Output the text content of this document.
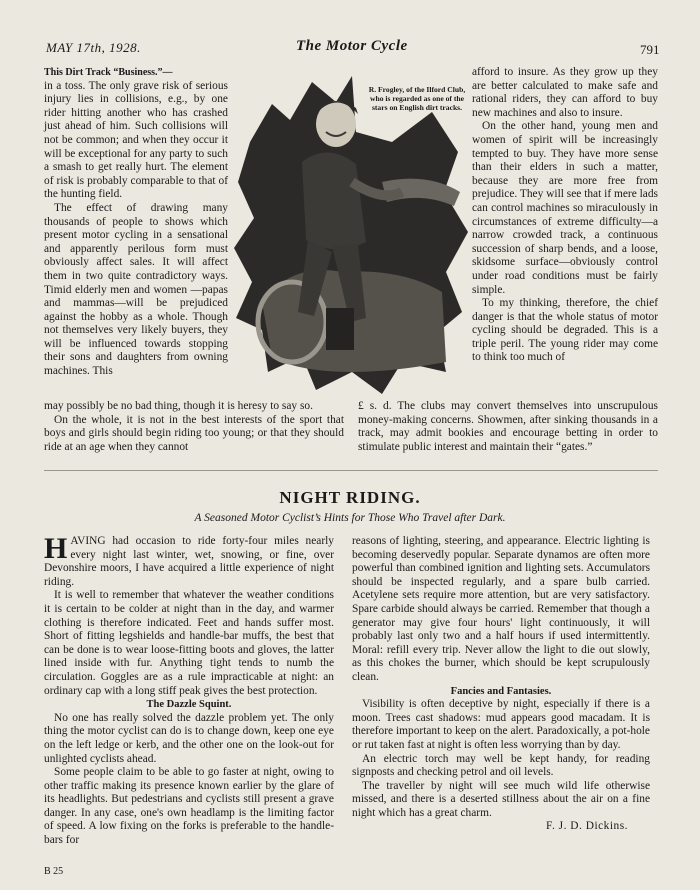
MAY 17th, 1928.	The Motor Cycle	791

This Dirt Track “Business.”—

in a toss. The only grave risk of serious injury lies in collisions, e.g., by one rider hitting another who has crashed just ahead of him. Such collisions will not be common; and when they occur it will be exceptional for any party to such a smash to get really hurt. The element of risk is probably comparable to that of the hunting field.

The effect of drawing many thousands of people to shows which present motor cycling in a sensational and apparently perilous form must obviously affect sales. It will affect them in two quite contradictory ways. Timid elderly men and women —papas and mammas—will be prejudiced against the hobby as a whole. Though not themselves very likely buyers, they will be influenced towards stopping their sons and daughters from owning machines. This

R. Frogley, of the Ilford Club, who is regarded as one of the stars on English dirt tracks.

afford to insure. As they grow up they are better calculated to make safe and rational riders, they can afford to buy new machines and also to insure.

On the other hand, young men and women of spirit will be increasingly tempted to buy. They have more sense than their elders in such a matter, because they are more free from prejudice. They will see that if mere lads can control machines so miraculously in circumstances of extreme difficulty—a narrow crowded track, a continuous succession of sharp bends, and a loose, skidsome surface—obviously control under road conditions must be fairly simple.

To my thinking, therefore, the chief danger is that the whole status of motor cycling should be degraded. This is a triple peril. The young rider may come to think too much of

may possibly be no bad thing, though it is heresy to say so.

On the whole, it is not in the best interests of the sport that boys and girls should begin riding too young; or that they should ride at an age when they cannot

£ s. d. The clubs may convert themselves into unscrupulous money-making concerns. Showmen, after sinking thousands in a track, may admit bookies and encourage betting in order to stimulate public interest and maintain their “gates.”

NIGHT RIDING.
A Seasoned Motor Cyclist’s Hints for Those Who Travel after Dark.

HAVING had occasion to ride forty-four miles nearly every night last winter, wet, snowing, or fine, over Devonshire moors, I have acquired a little experience of night riding.

It is well to remember that whatever the weather conditions it is certain to be colder at night than in the day, and warmer clothing is therefore indicated. Feet and hands suffer most. Short of fitting legshields and handle-bar muffs, the best that can be done is to wear loose-fitting boots and gloves, the latter lined inside with fur. Anything tight tends to numb the circulation. Goggles are as a rule impracticable at night: an ordinary cap with a long stiff peak gives the best protection.

The Dazzle Squint.

No one has really solved the dazzle problem yet. The only thing the motor cyclist can do is to change down, keep one eye on the left ledge or kerb, and the other one on the look-out for unlighted cyclists ahead.

Some people claim to be able to go faster at night, owing to other traffic making its presence known earlier by the glare of its headlights. But pedestrians and cyclists still present a grave danger. In any case, one's own headlamp is the limiting factor of speed. A low fixing on the forks is preferable to the handle-bars for

reasons of lighting, steering, and appearance. Electric lighting is becoming deservedly popular. Separate dynamos are often more powerful than combined ignition and lighting sets. Accumulators should be inspected regularly, and a spare bulb carried. Acetylene sets require more attention, but are very satisfactory. Spare carbide should always be carried. Remember that though a generator may give four hours' light continuously, it will probably last only two and a half hours if used intermittently. Moral: refill every trip. Never allow the light to die out slowly, as this chokes the burner, which should be kept scrupulously clean.

Fancies and Fantasies.

Visibility is often deceptive by night, especially if there is a moon. Trees cast shadows: mud appears good macadam. It is therefore important to keep on the alert. Paradoxically, a pot-hole or rut taken fast at night is often less worrying than by day.

An electric torch may well be kept handy, for reading signposts and checking petrol and oil levels.

The traveller by night will see much wild life otherwise missed, and there is a deserted stillness about the air on a fine night which has a great charm.

F. J. D. Dickins.

B 25
